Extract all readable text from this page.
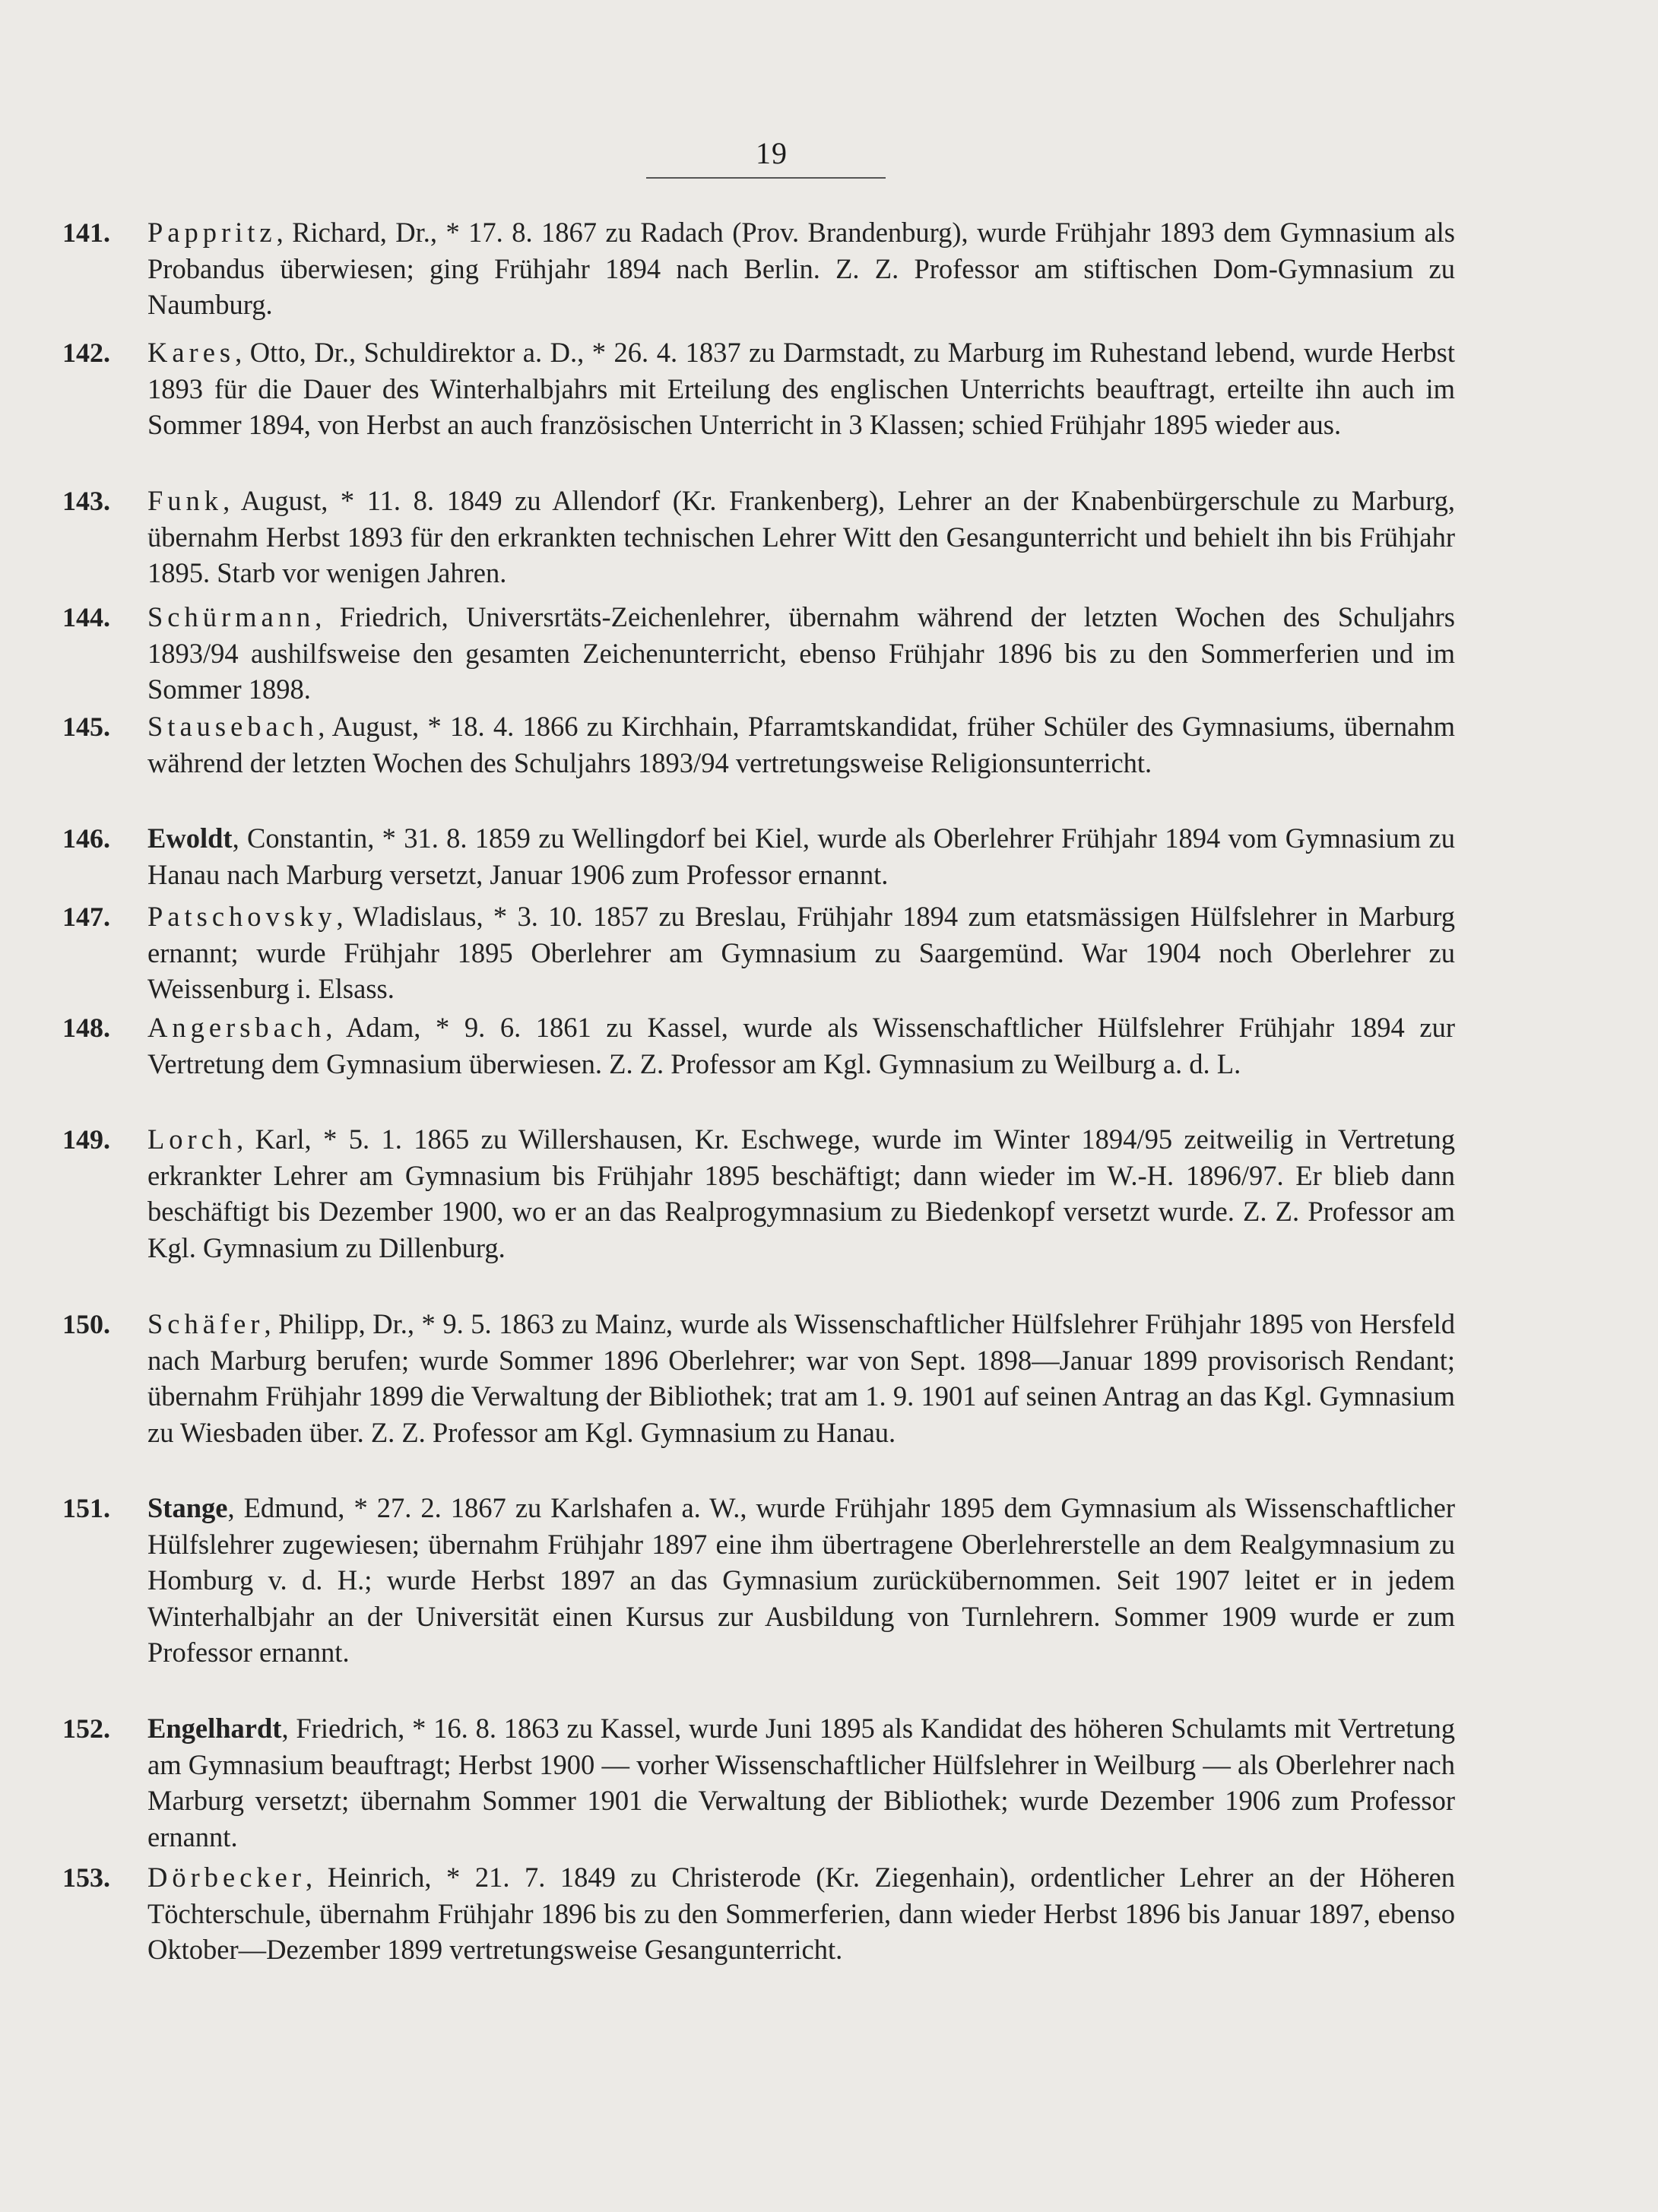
19
141.	Pappritz, Richard, Dr., * 17. 8. 1867 zu Radach (Prov. Brandenburg), wurde Frühjahr 1893 dem Gymnasium als Probandus überwiesen; ging Frühjahr 1894 nach Berlin. Z. Z. Professor am stiftischen Dom-Gymnasium zu Naumburg.
142.	Kares, Otto, Dr., Schuldirektor a. D., * 26. 4. 1837 zu Darmstadt, zu Marburg im Ruhestand lebend, wurde Herbst 1893 für die Dauer des Winterhalbjahrs mit Erteilung des englischen Unterrichts beauftragt, erteilte ihn auch im Sommer 1894, von Herbst an auch französischen Unterricht in 3 Klassen; schied Frühjahr 1895 wieder aus.
143.	Funk, August, * 11. 8. 1849 zu Allendorf (Kr. Frankenberg), Lehrer an der Knabenbürgerschule zu Marburg, übernahm Herbst 1893 für den erkrankten technischen Lehrer Witt den Gesangunterricht und behielt ihn bis Frühjahr 1895. Starb vor wenigen Jahren.
144.	Schürmann, Friedrich, Universrtäts-Zeichenlehrer, übernahm während der letzten Wochen des Schuljahrs 1893/94 aushilfsweise den gesamten Zeichenunterricht, ebenso Frühjahr 1896 bis zu den Sommerferien und im Sommer 1898.
145.	Stausebach, August, * 18. 4. 1866 zu Kirchhain, Pfarramtskandidat, früher Schüler des Gymnasiums, übernahm während der letzten Wochen des Schuljahrs 1893/94 vertretungsweise Religionsunterricht.
146.	Ewoldt, Constantin, * 31. 8. 1859 zu Wellingdorf bei Kiel, wurde als Oberlehrer Frühjahr 1894 vom Gymnasium zu Hanau nach Marburg versetzt, Januar 1906 zum Professor ernannt.
147.	Patschovsky, Wladislaus, * 3. 10. 1857 zu Breslau, Frühjahr 1894 zum etatsmässigen Hülfslehrer in Marburg ernannt; wurde Frühjahr 1895 Oberlehrer am Gymnasium zu Saargemünd. War 1904 noch Oberlehrer zu Weissenburg i. Elsass.
148.	Angersbach, Adam, * 9. 6. 1861 zu Kassel, wurde als Wissenschaftlicher Hülfslehrer Frühjahr 1894 zur Vertretung dem Gymnasium überwiesen. Z. Z. Professor am Kgl. Gymnasium zu Weilburg a. d. L.
149.	Lorch, Karl, * 5. 1. 1865 zu Willershausen, Kr. Eschwege, wurde im Winter 1894/95 zeitweilig in Vertretung erkrankter Lehrer am Gymnasium bis Frühjahr 1895 beschäftigt; dann wieder im W.-H. 1896/97. Er blieb dann beschäftigt bis Dezember 1900, wo er an das Realprogymnasium zu Biedenkopf versetzt wurde. Z. Z. Professor am Kgl. Gymnasium zu Dillenburg.
150.	Schäfer, Philipp, Dr., * 9. 5. 1863 zu Mainz, wurde als Wissenschaftlicher Hülfslehrer Frühjahr 1895 von Hersfeld nach Marburg berufen; wurde Sommer 1896 Oberlehrer; war von Sept. 1898—Januar 1899 provisorisch Rendant; übernahm Frühjahr 1899 die Verwaltung der Bibliothek; trat am 1. 9. 1901 auf seinen Antrag an das Kgl. Gymnasium zu Wiesbaden über. Z. Z. Professor am Kgl. Gymnasium zu Hanau.
151.	Stange, Edmund, * 27. 2. 1867 zu Karlshafen a. W., wurde Frühjahr 1895 dem Gymnasium als Wissenschaftlicher Hülfslehrer zugewiesen; übernahm Frühjahr 1897 eine ihm übertragene Oberlehrerstelle an dem Realgymnasium zu Homburg v. d. H.; wurde Herbst 1897 an das Gymnasium zurückübernommen. Seit 1907 leitet er in jedem Winterhalbjahr an der Universität einen Kursus zur Ausbildung von Turnlehrern. Sommer 1909 wurde er zum Professor ernannt.
152.	Engelhardt, Friedrich, * 16. 8. 1863 zu Kassel, wurde Juni 1895 als Kandidat des höheren Schulamts mit Vertretung am Gymnasium beauftragt; Herbst 1900 — vorher Wissenschaftlicher Hülfslehrer in Weilburg — als Oberlehrer nach Marburg versetzt; übernahm Sommer 1901 die Verwaltung der Bibliothek; wurde Dezember 1906 zum Professor ernannt.
153.	Dörbecker, Heinrich, * 21. 7. 1849 zu Christerode (Kr. Ziegenhain), ordentlicher Lehrer an der Höheren Töchterschule, übernahm Frühjahr 1896 bis zu den Sommerferien, dann wieder Herbst 1896 bis Januar 1897, ebenso Oktober—Dezember 1899 vertretungsweise Gesangunterricht.
